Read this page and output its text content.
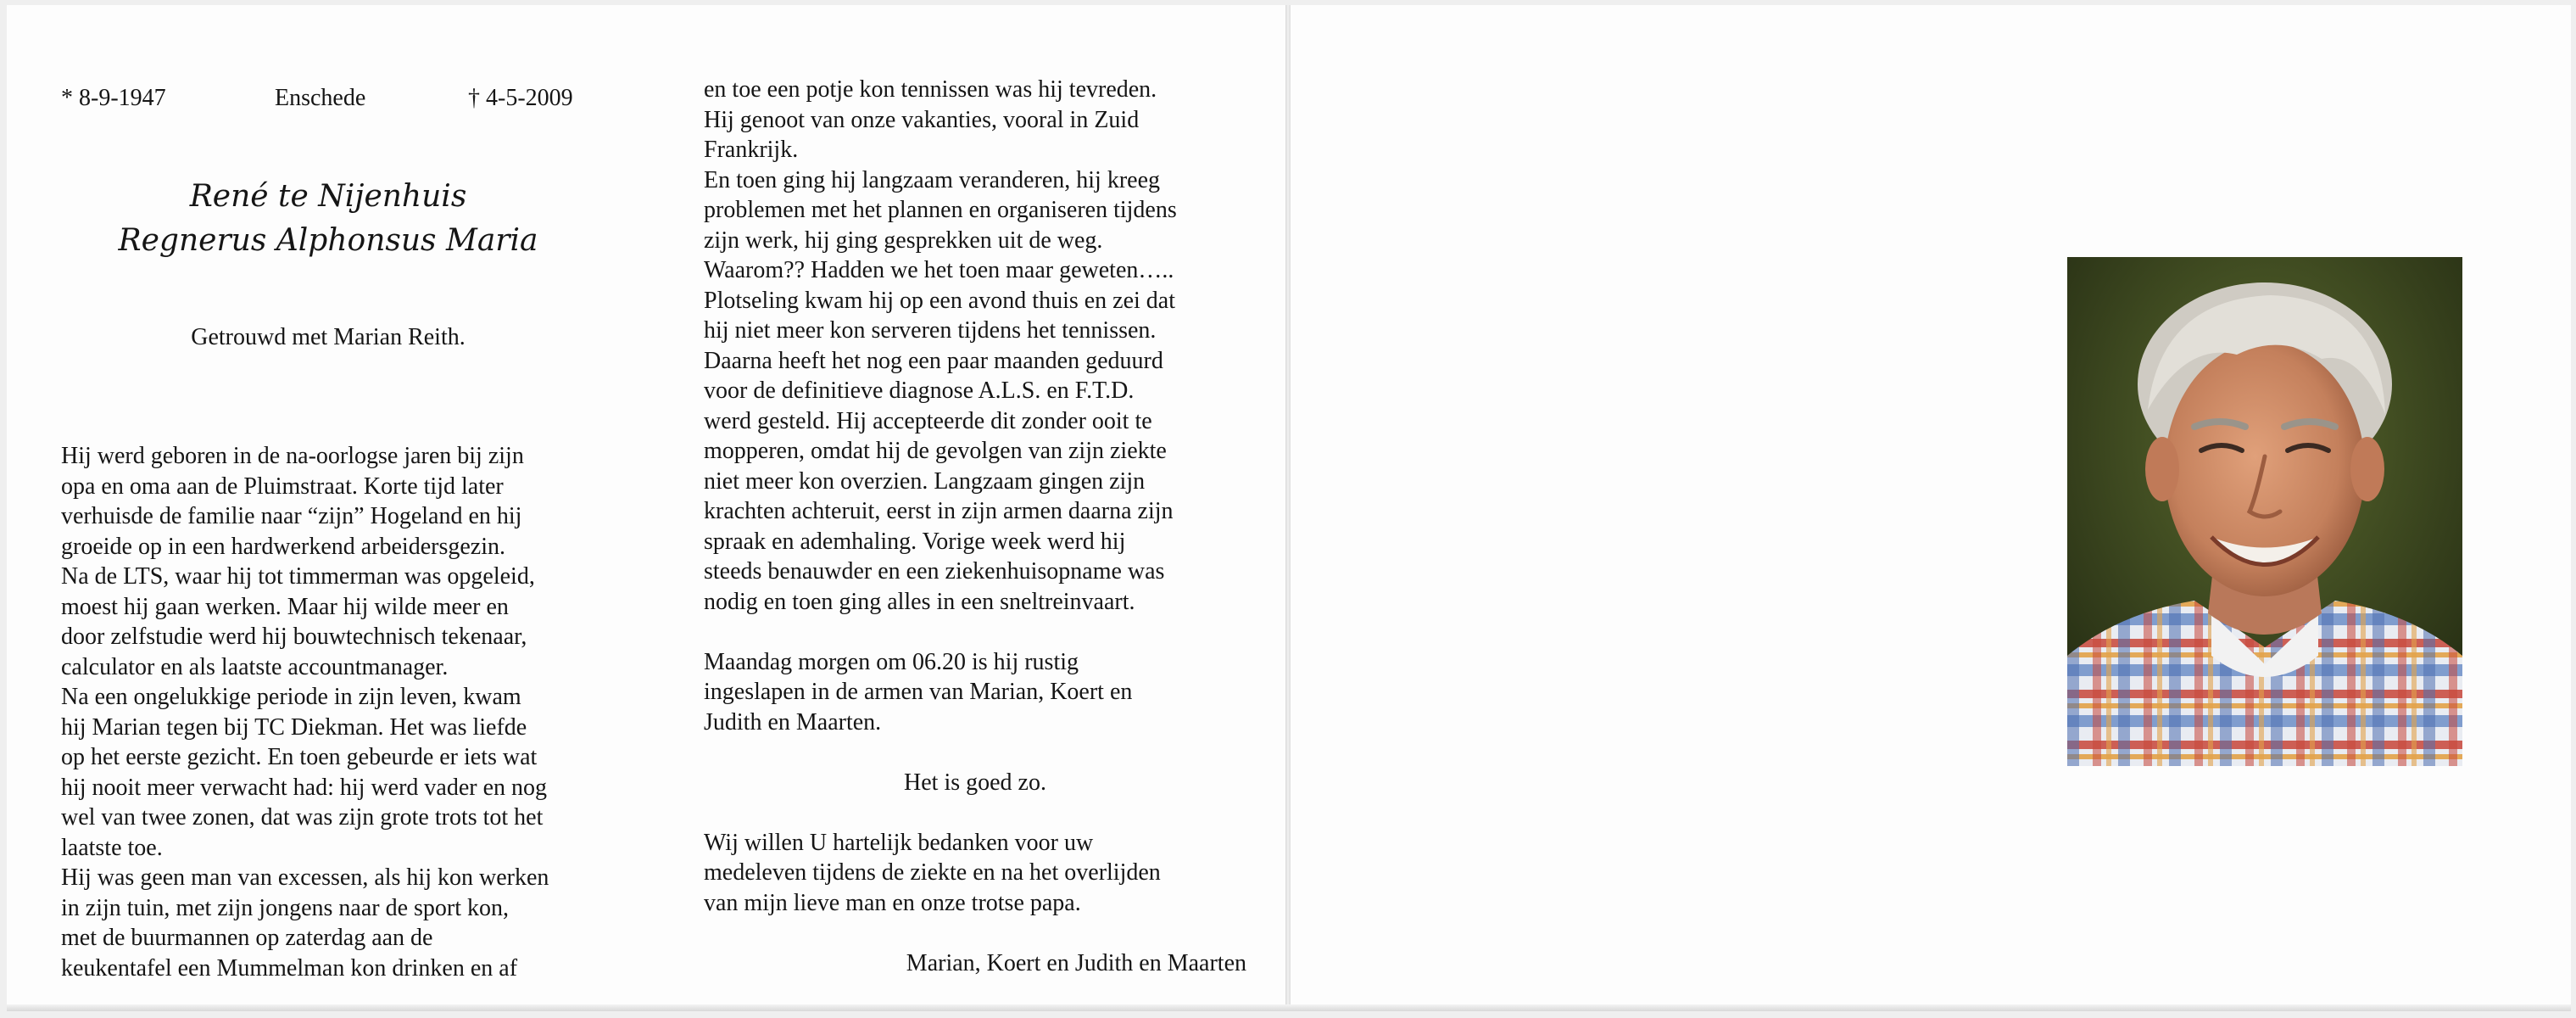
* 8-9-1947	Enschede	† 4-5-2009
René te Nijenhuis
Regnerus Alphonsus Maria
Getrouwd met Marian Reith.

Hij werd geboren in de na-oorlogse jaren bij zijn

opa en oma aan de Pluimstraat. Korte tijd later

verhuisde de familie naar “zijn” Hogeland en hij

groeide op in een hardwerkend arbeidersgezin.

Na de LTS, waar hij tot timmerman was opgeleid,

moest hij gaan werken. Maar hij wilde meer en

door zelfstudie werd hij bouwtechnisch tekenaar,

calculator en als laatste accountmanager.

Na een ongelukkige periode in zijn leven, kwam

hij Marian tegen bij TC Diekman. Het was liefde

op het eerste gezicht. En toen gebeurde er iets wat

hij nooit meer verwacht had: hij werd vader en nog

wel van twee zonen, dat was zijn grote trots tot het

laatste toe.

Hij was geen man van excessen, als hij kon werken

in zijn tuin, met zijn jongens naar de sport kon,

met de buurmannen op zaterdag aan de

keukentafel een Mummelman kon drinken en af

en toe een potje kon tennissen was hij tevreden.

Hij genoot van onze vakanties, vooral in Zuid

Frankrijk.

En toen ging hij langzaam veranderen, hij kreeg

problemen met het plannen en organiseren tijdens

zijn werk, hij ging gesprekken uit de weg.

Waarom?? Hadden we het toen maar geweten…..

Plotseling kwam hij op een avond thuis en zei dat

hij niet meer kon serveren tijdens het tennissen.

Daarna heeft het nog een paar maanden geduurd

voor de definitieve diagnose A.L.S. en F.T.D.

werd gesteld. Hij accepteerde dit zonder ooit te

mopperen, omdat hij de gevolgen van zijn ziekte

niet meer kon overzien. Langzaam gingen zijn

krachten achteruit, eerst in zijn armen daarna zijn

spraak en ademhaling. Vorige week werd hij

steeds benauwder en een ziekenhuisopname was

nodig en toen ging alles in een sneltreinvaart.

Maandag morgen om 06.20 is hij rustig

ingeslapen in de armen van Marian, Koert en

Judith en Maarten.

Het is goed zo.

Wij willen U hartelijk bedanken voor uw

medeleven tijdens de ziekte en na het overlijden

van mijn lieve man en onze trotse papa.

Marian, Koert en Judith en Maarten
